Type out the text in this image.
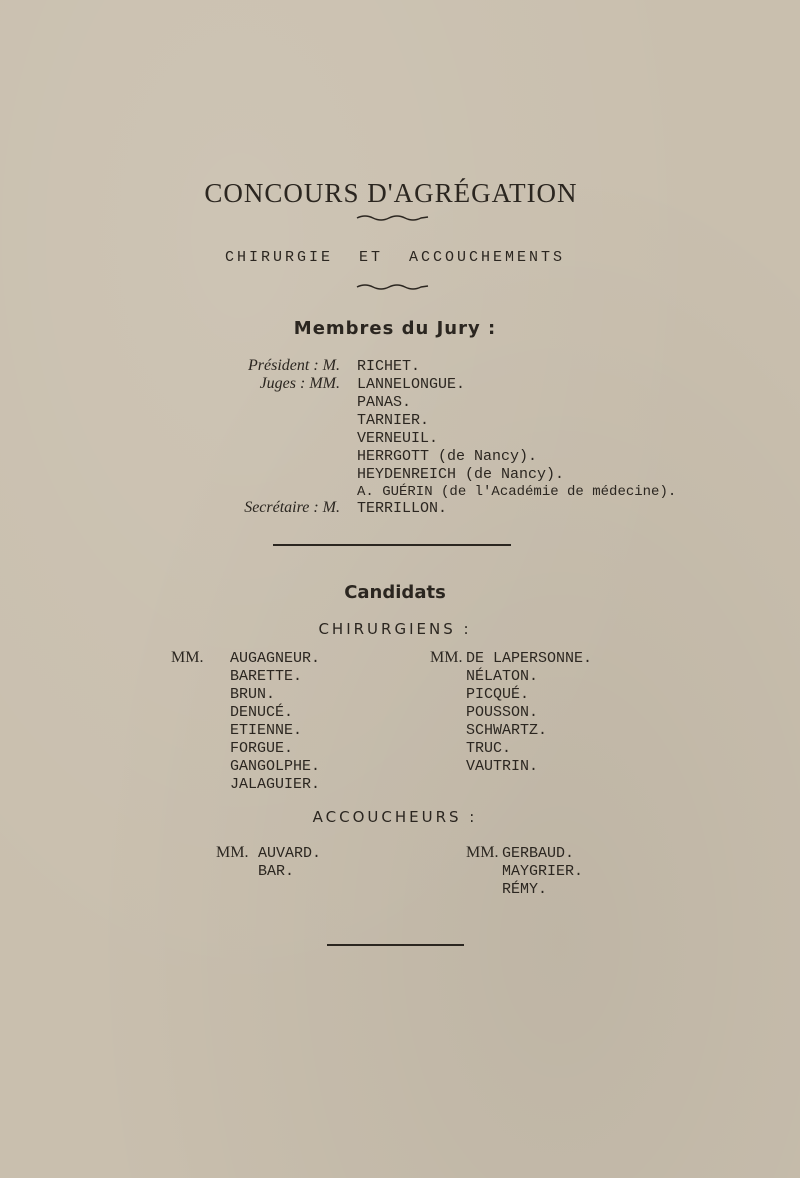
CONCOURS D'AGRÉGATION
CHIRURGIE ET ACCOUCHEMENTS
Membres du Jury :
Président : M. RICHET.
Juges : MM. LANNELONGUE.
PANAS.
TARNIER.
VERNEUIL.
HERRGOTT (de Nancy).
HEYDENREICH (de Nancy).
A. GUÉRIN (de l'Académie de médecine).
Secrétaire : M. TERRILLON.
Candidats
CHIRURGIENS :
MM. AUGAGNEUR.
BARETTE.
BRUN.
DENUCÉ.
ETIENNE.
FORGUE.
GANGOLPHE.
JALAGUIER.
MM. DE LAPERSONNE.
NÉLATON.
PICQUÉ.
POUSSON.
SCHWARTZ.
TRUC.
VAUTRIN.
ACCOUCHEURS :
MM. AUVARD.
BAR.
MM. GERBAUD.
MAYGRIER.
RÉMY.
